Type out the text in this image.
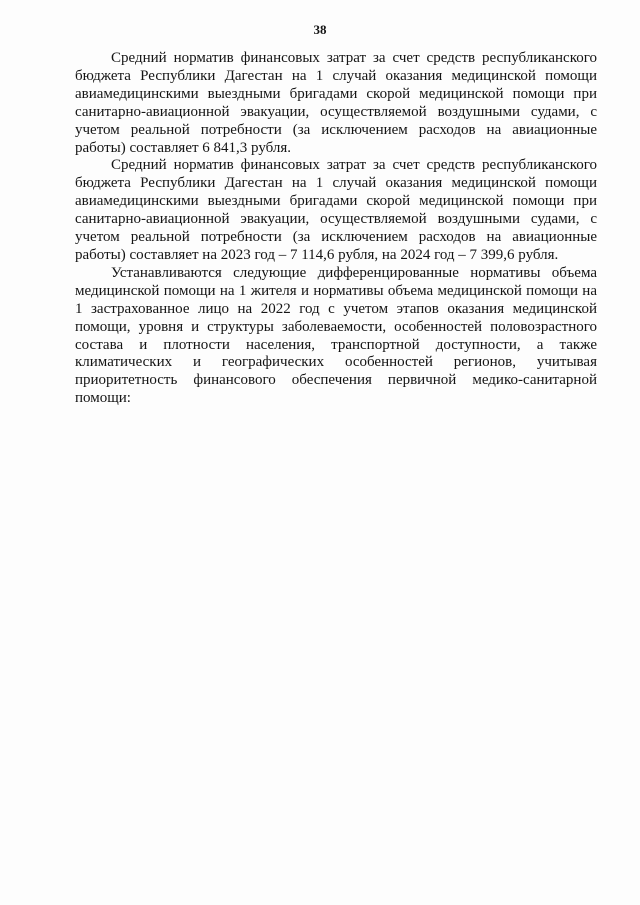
38

Средний норматив финансовых затрат за счет средств республиканского бюджета Республики Дагестан на 1 случай оказания медицинской помощи авиамедицинскими выездными бригадами скорой медицинской помощи при санитарно-авиационной эвакуации, осуществляемой воздушными судами, с учетом реальной потребности (за исключением расходов на авиационные работы) составляет 6 841,3 рубля.

Средний норматив финансовых затрат за счет средств республиканского бюджета Республики Дагестан на 1 случай оказания медицинской помощи авиамедицинскими выездными бригадами скорой медицинской помощи при санитарно-авиационной эвакуации, осуществляемой воздушными судами, с учетом реальной потребности (за исключением расходов на авиационные работы) составляет на 2023 год – 7 114,6 рубля, на 2024 год – 7 399,6 рубля.

Устанавливаются следующие дифференцированные нормативы объема медицинской помощи на 1 жителя и нормативы объема медицинской помощи на 1 застрахованное лицо на 2022 год с учетом этапов оказания медицинской помощи, уровня и структуры заболеваемости, особенностей половозрастного состава и плотности населения, транспортной доступности, а также климатических и географических особенностей регионов, учитывая приоритетность финансового обеспечения первичной медико-санитарной помощи:
